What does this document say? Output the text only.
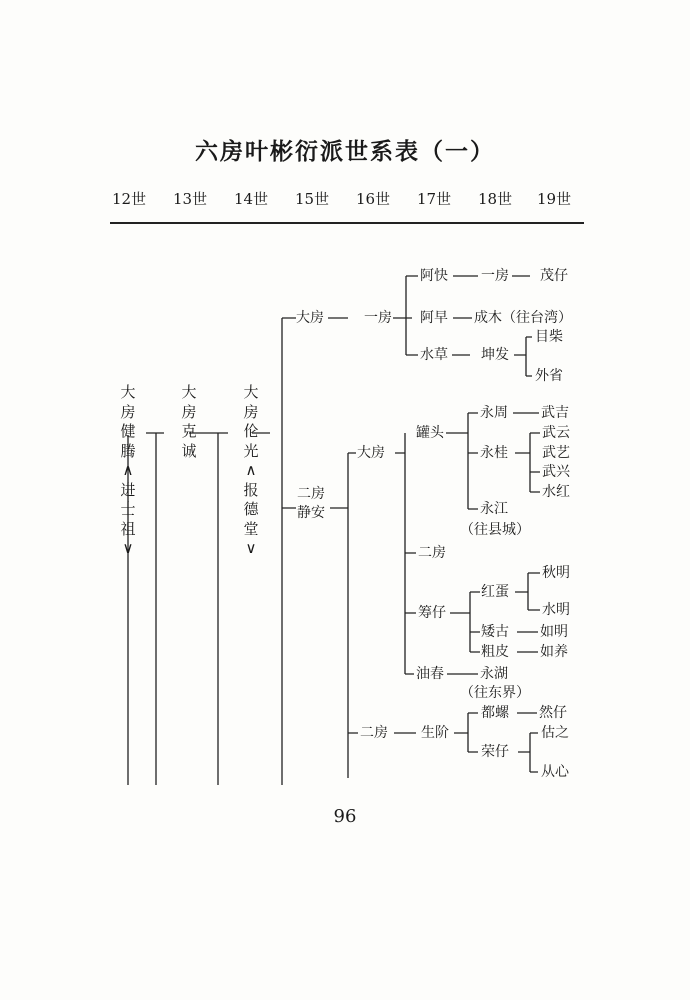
六房叶彬衍派世系表（一）
12世 13世 14世 15世 16世 17世 18世 19世
大房健腾∧进士祖∨
大房克诚
大房伦光∧报德堂∨
大房
二房
静安
一房
大房
二房
阿快
阿早
水草
罐头
二房
筹仔
油春
生阶
一房
成木（往台湾）
坤发
永周
永桂
永江
（往县城）
红蛋
矮古
粗皮
永湖
（往东界）
都螺
荣仔
茂仔
目柴
外省
武吉
武云
武艺
武兴
水红
秋明
水明
如明
如养
然仔
估之
从心
96
